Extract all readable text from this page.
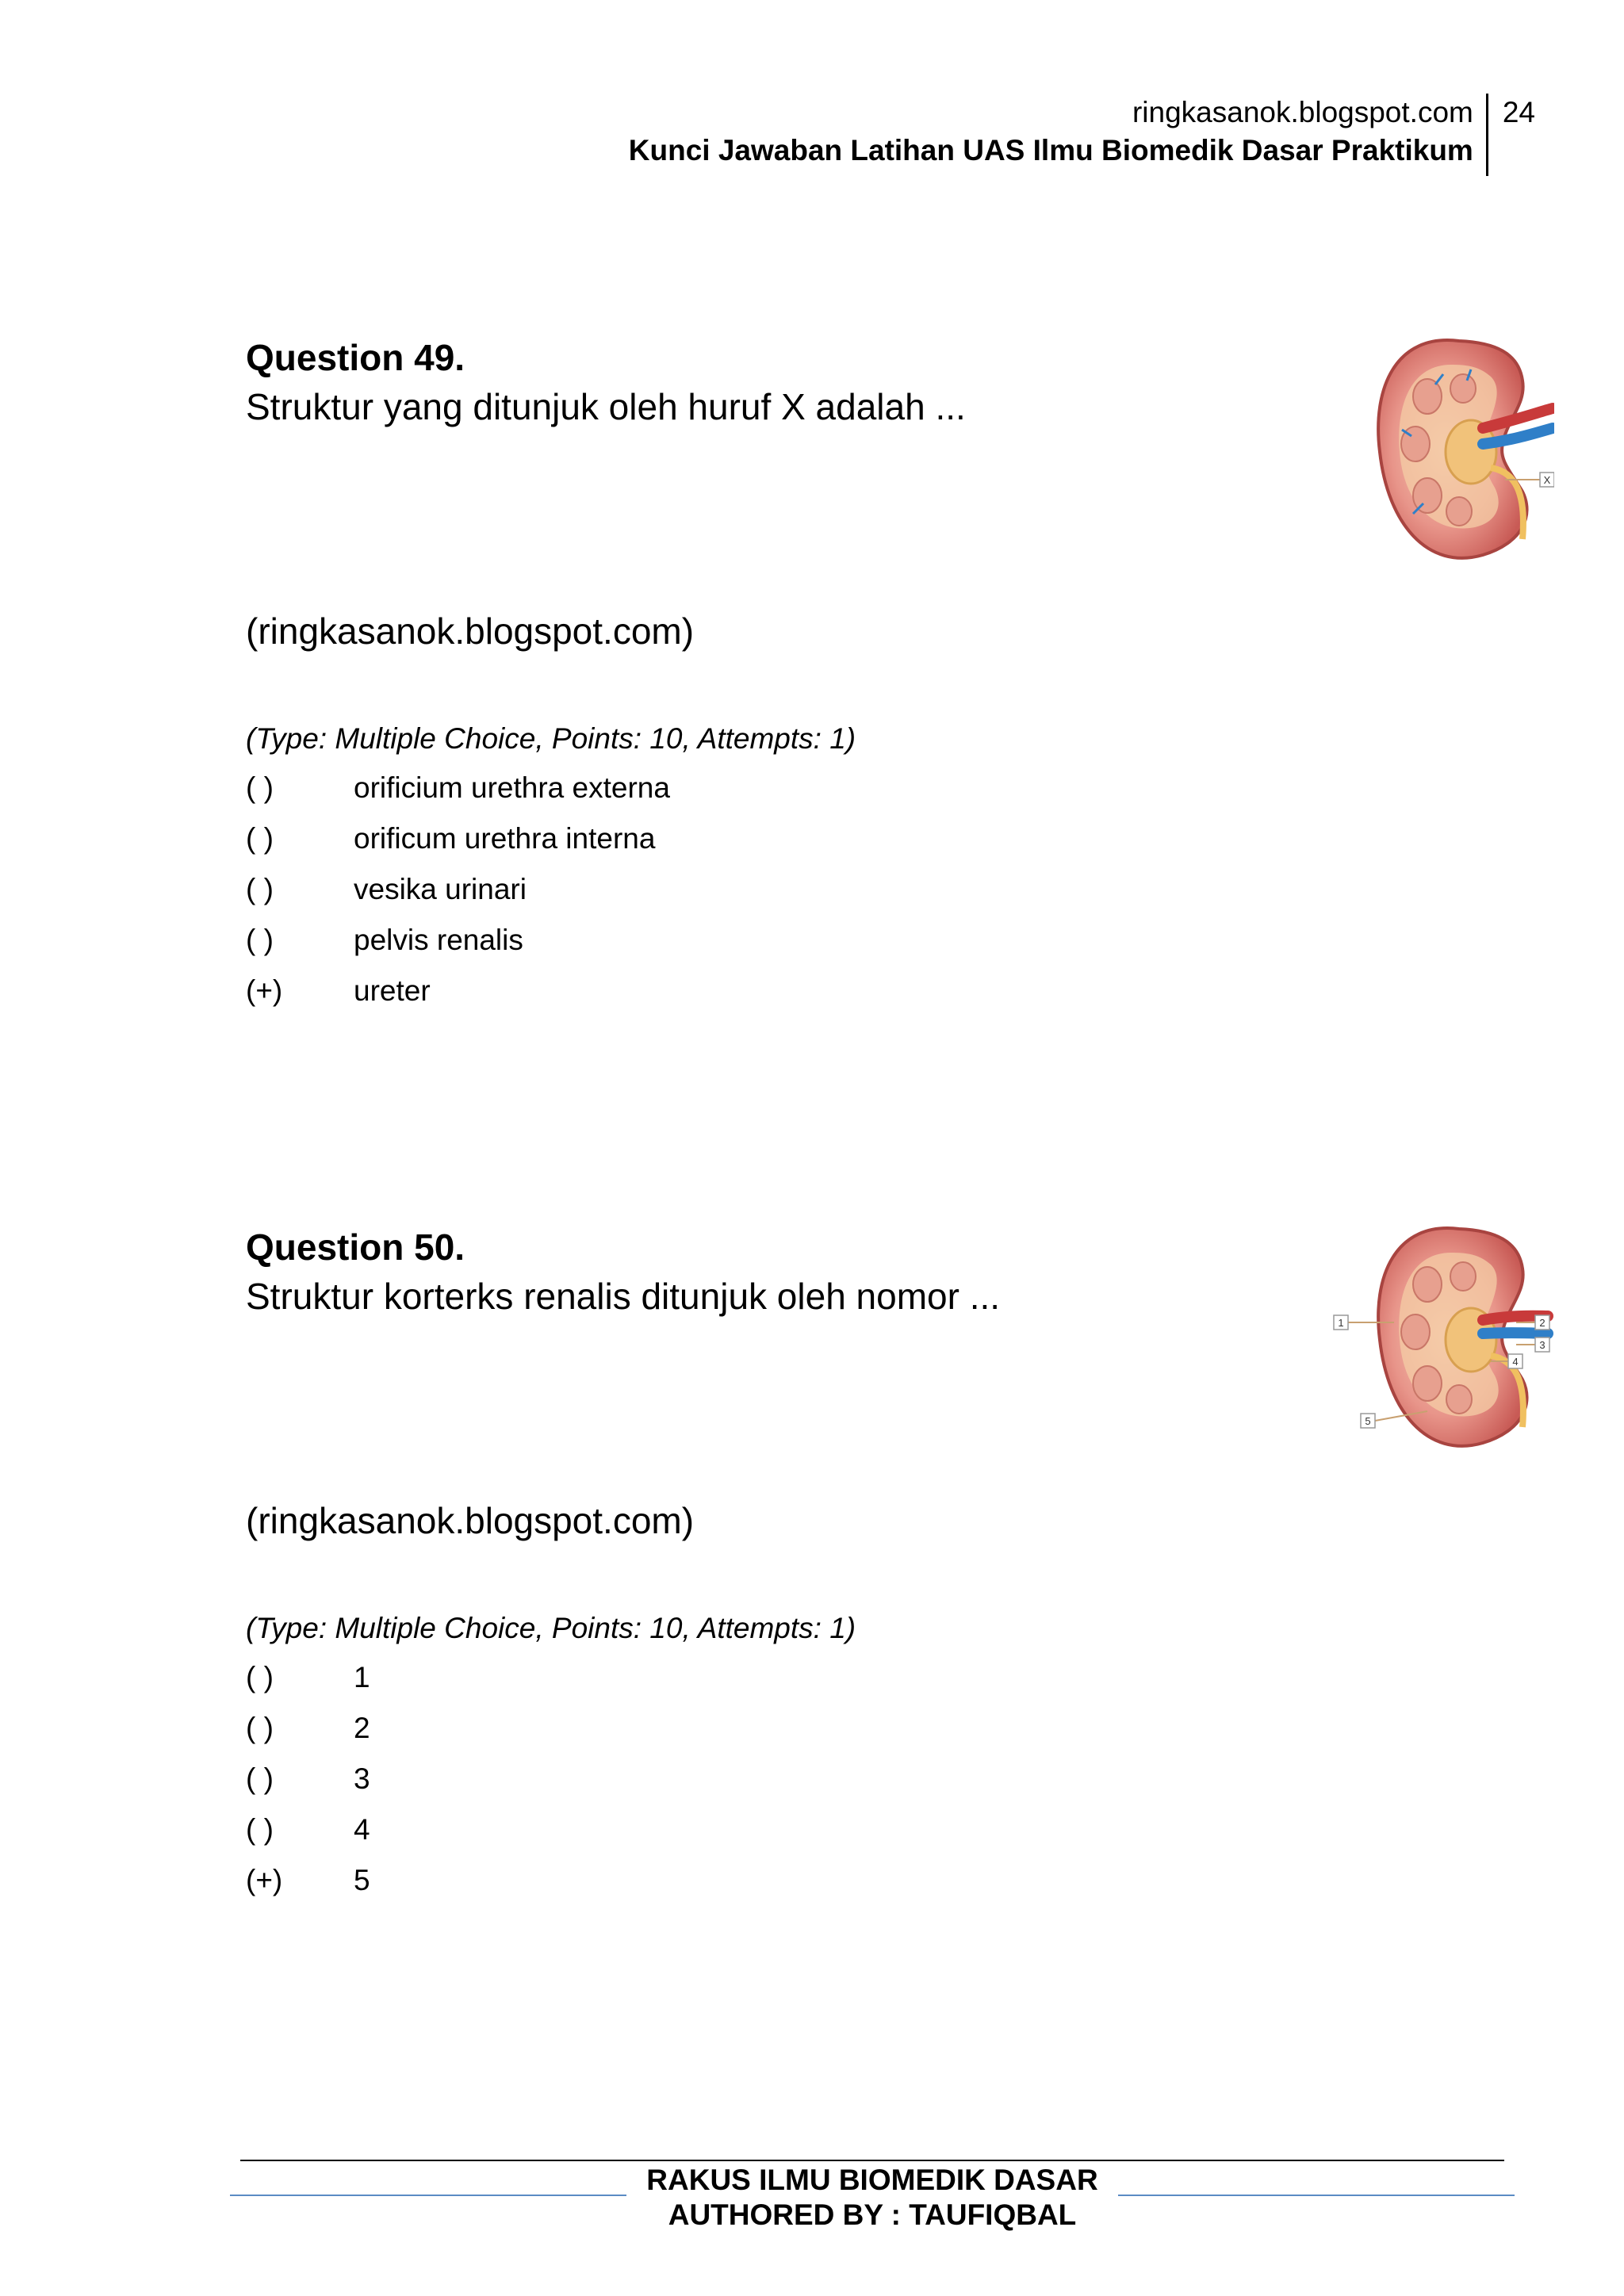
ringkasanok.blogspot.com
Kunci Jawaban Latihan UAS Ilmu Biomedik Dasar Praktikum
24
Question 49.
Struktur yang ditunjuk oleh huruf X adalah ...
(ringkasanok.blogspot.com)
(Type: Multiple Choice, Points: 10, Attempts: 1)
( )	orificium urethra externa
( )	orificum urethra interna
( )	vesika urinari
( )	pelvis renalis
(+)	ureter
X
Question 50.
Struktur korterks renalis ditunjuk oleh nomor ...
(ringkasanok.blogspot.com)
(Type: Multiple Choice, Points: 10, Attempts: 1)
( )	1
( )	2
( )	3
( )	4
(+)	5
1	2
3
4
5
RAKUS ILMU BIOMEDIK DASAR
AUTHORED BY : TAUFIQBAL
